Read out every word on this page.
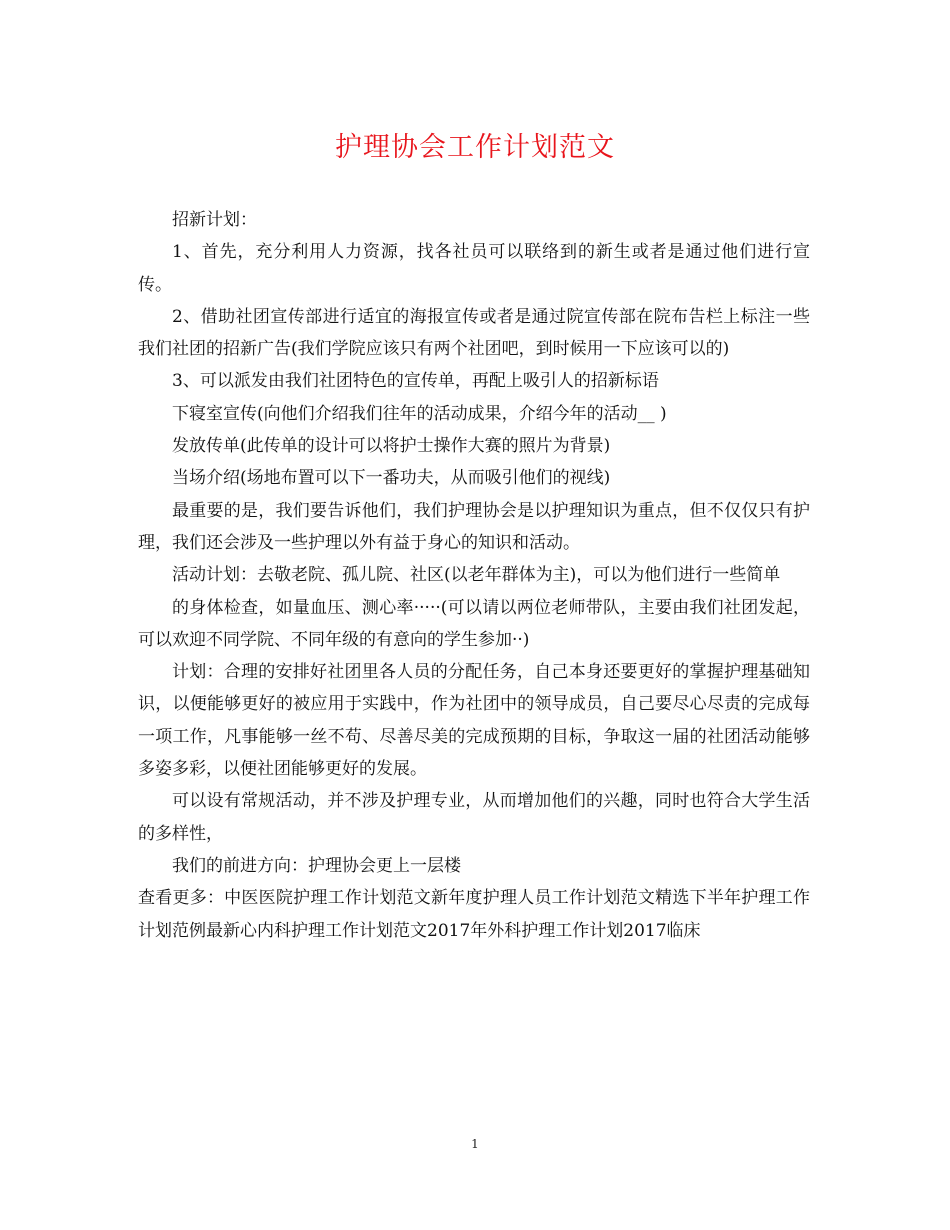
护理协会工作计划范文

招新计划：

1、首先，充分利用人力资源，找各社员可以联络到的新生或者是通过他们进行宣传。

2、借助社团宣传部进行适宜的海报宣传或者是通过院宣传部在院布告栏上标注一些我们社团的招新广告(我们学院应该只有两个社团吧，到时候用一下应该可以的)

3、可以派发由我们社团特色的宣传单，再配上吸引人的招新标语

下寝室宣传(向他们介绍我们往年的活动成果，介绍今年的活动__ )

发放传单(此传单的设计可以将护士操作大赛的照片为背景)

当场介绍(场地布置可以下一番功夫，从而吸引他们的视线)

最重要的是，我们要告诉他们，我们护理协会是以护理知识为重点，但不仅仅只有护理，我们还会涉及一些护理以外有益于身心的知识和活动。

活动计划：去敬老院、孤儿院、社区(以老年群体为主)，可以为他们进行一些简单

的身体检查，如量血压、测心率·····(可以请以两位老师带队，主要由我们社团发起，可以欢迎不同学院、不同年级的有意向的学生参加··)

计划：合理的安排好社团里各人员的分配任务，自己本身还要更好的掌握护理基础知识，以便能够更好的被应用于实践中，作为社团中的领导成员，自己要尽心尽责的完成每一项工作，凡事能够一丝不苟、尽善尽美的完成预期的目标，争取这一届的社团活动能够多姿多彩，以便社团能够更好的发展。

可以设有常规活动，并不涉及护理专业，从而增加他们的兴趣，同时也符合大学生活的多样性，

我们的前进方向：护理协会更上一层楼

查看更多：中医医院护理工作计划范文新年度护理人员工作计划范文精选下半年护理工作计划范例最新心内科护理工作计划范文2017年外科护理工作计划2017临床

1
